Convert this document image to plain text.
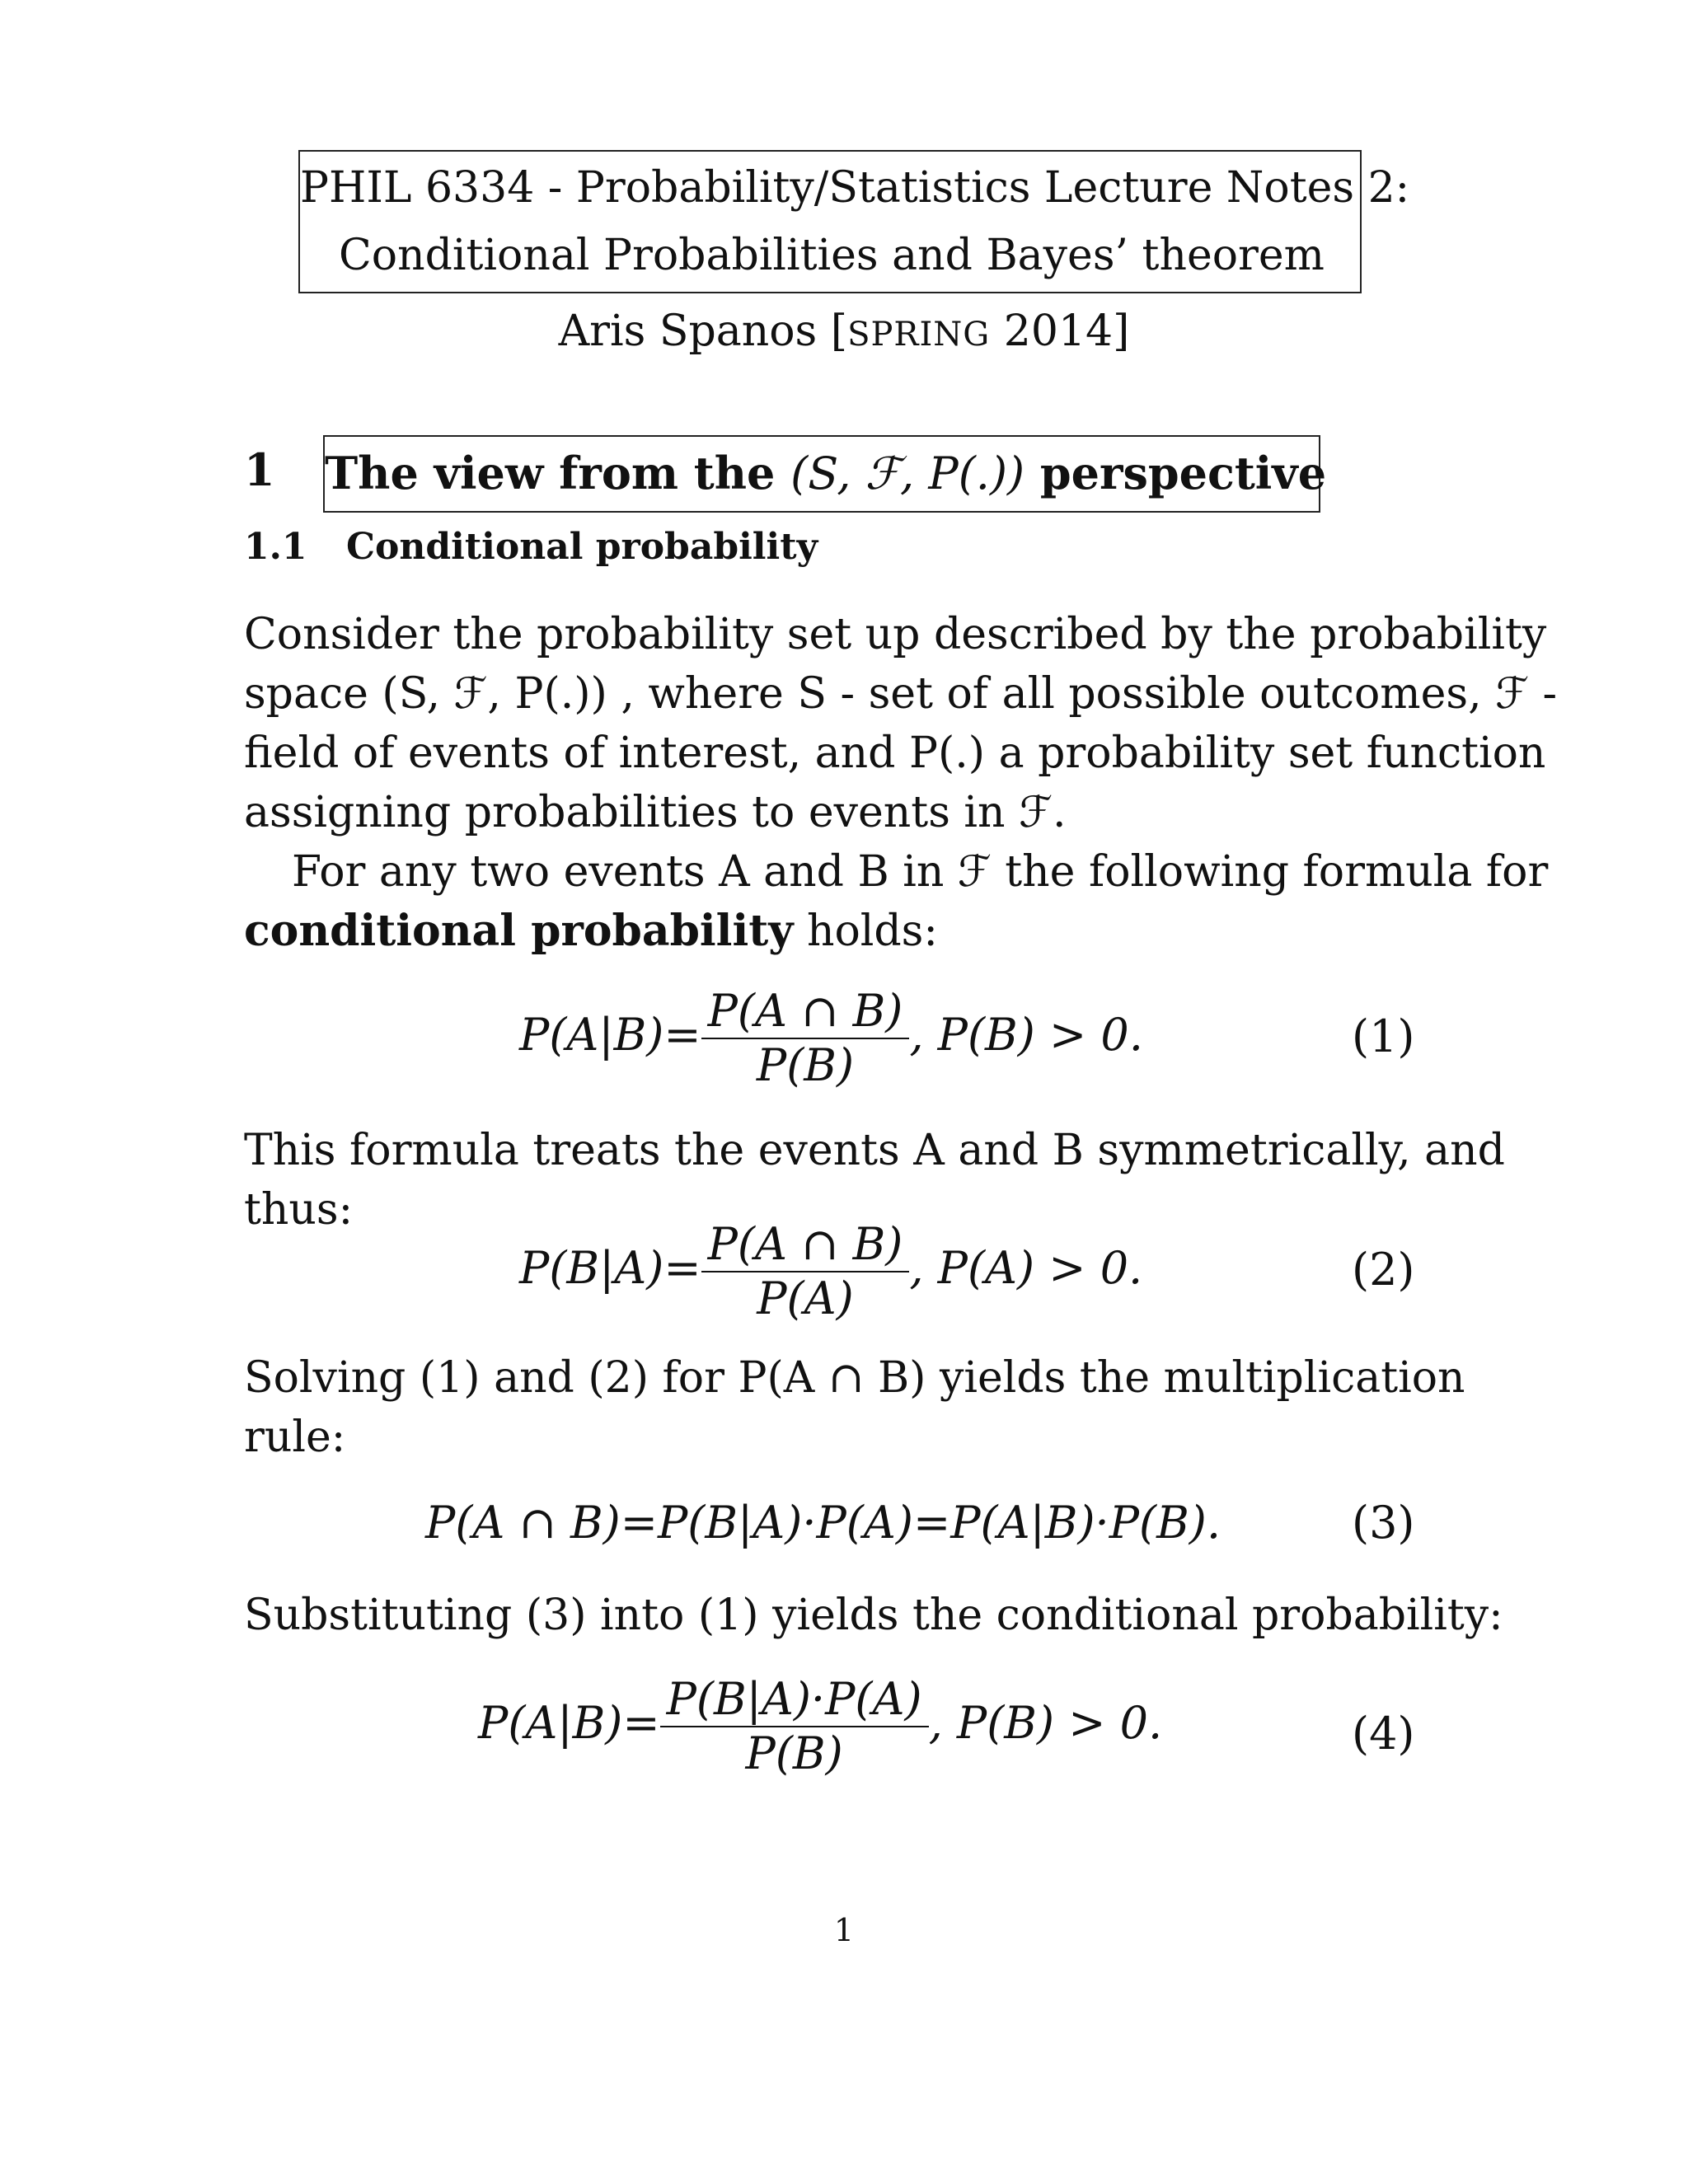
PHIL 6334 - Probability/Statistics Lecture Notes 2:
Conditional Probabilities and Bayes’ theorem
Aris Spanos [SPRING 2014]
1 The view from the (S, ℱ, P(.)) perspective
1.1 Conditional probability
Consider the probability set up described by the probability
space (S, ℱ, P(.)) , where S - set of all possible outcomes, ℱ -
field of events of interest, and P(.) a probability set function
assigning probabilities to events in ℱ.
For any two events A and B in ℱ the following formula for
conditional probability holds:
$P(A|B)= \frac{P(A \cap B)}{P(B)}$ , P(B) > 0.	(1)
This formula treats the events A and B symmetrically, and
thus:
$P(B|A)= \frac{P(A \cap B)}{P(A)}$ , P(A) > 0.	(2)
Solving (1) and (2) for P(A ∩ B) yields the multiplication
rule:
P(A ∩ B)=P(B|A)·P(A)=P(A|B)·P(B).	(3)
Substituting (3) into (1) yields the conditional probability:
$P(A|B)= \frac{P(B|A)\cdot P(A)}{P(B)}$ , P(B) > 0.	(4)
1
